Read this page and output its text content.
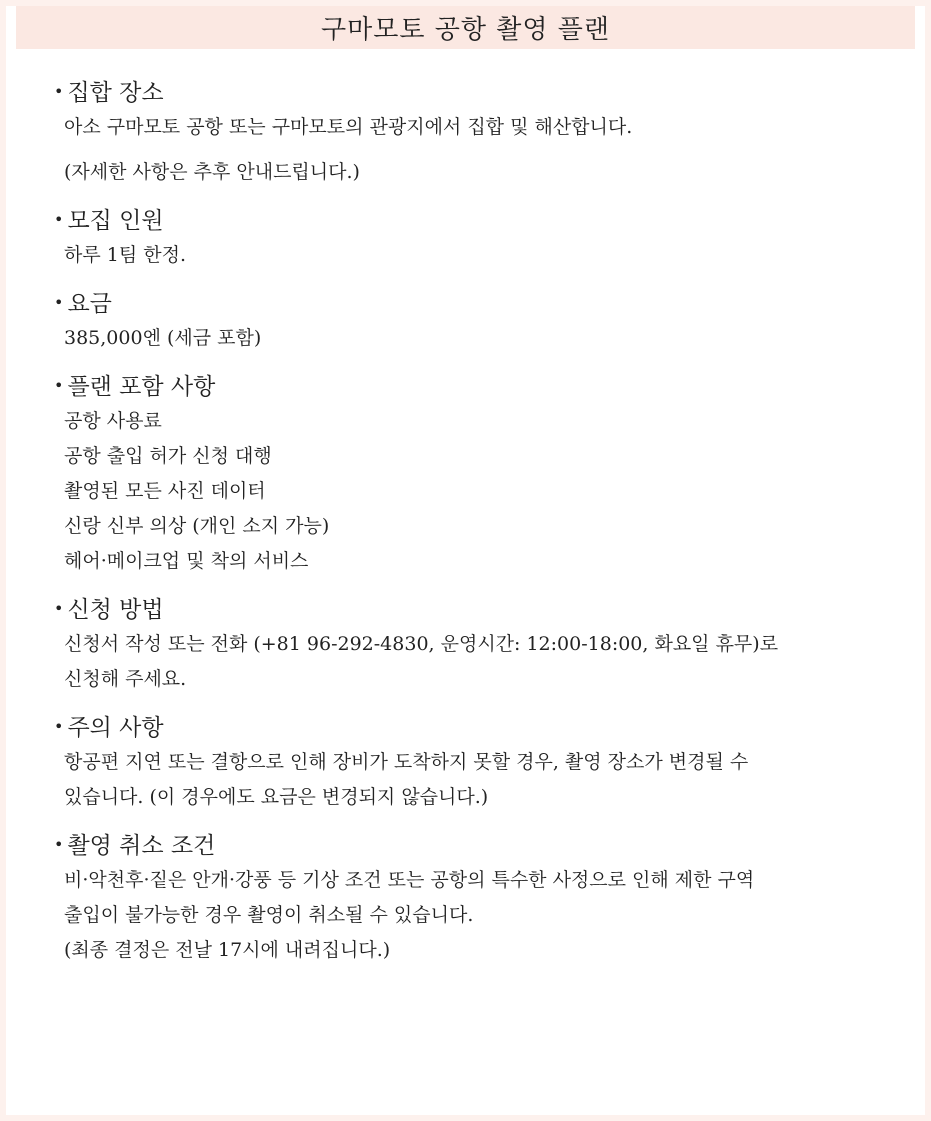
구마모토 공항 촬영 플랜
• 집합 장소

아소 구마모토 공항 또는 구마모토의 관광지에서 집합 및 해산합니다.

(자세한 사항은 추후 안내드립니다.)

• 모집 인원

하루 1팀 한정.

• 요금

385,000엔 (세금 포함)

• 플랜 포함 사항

공항 사용료

공항 출입 허가 신청 대행

촬영된 모든 사진 데이터

신랑 신부 의상 (개인 소지 가능)

헤어·메이크업 및 착의 서비스

• 신청 방법

신청서 작성 또는 전화 (+81 96-292-4830, 운영시간: 12:00-18:00, 화요일 휴무)로

신청해 주세요.

• 주의 사항

항공편 지연 또는 결항으로 인해 장비가 도착하지 못할 경우, 촬영 장소가 변경될 수

있습니다. (이 경우에도 요금은 변경되지 않습니다.)

• 촬영 취소 조건

비·악천후·짙은 안개·강풍 등 기상 조건 또는 공항의 특수한 사정으로 인해 제한 구역

출입이 불가능한 경우 촬영이 취소될 수 있습니다.

(최종 결정은 전날 17시에 내려집니다.)
